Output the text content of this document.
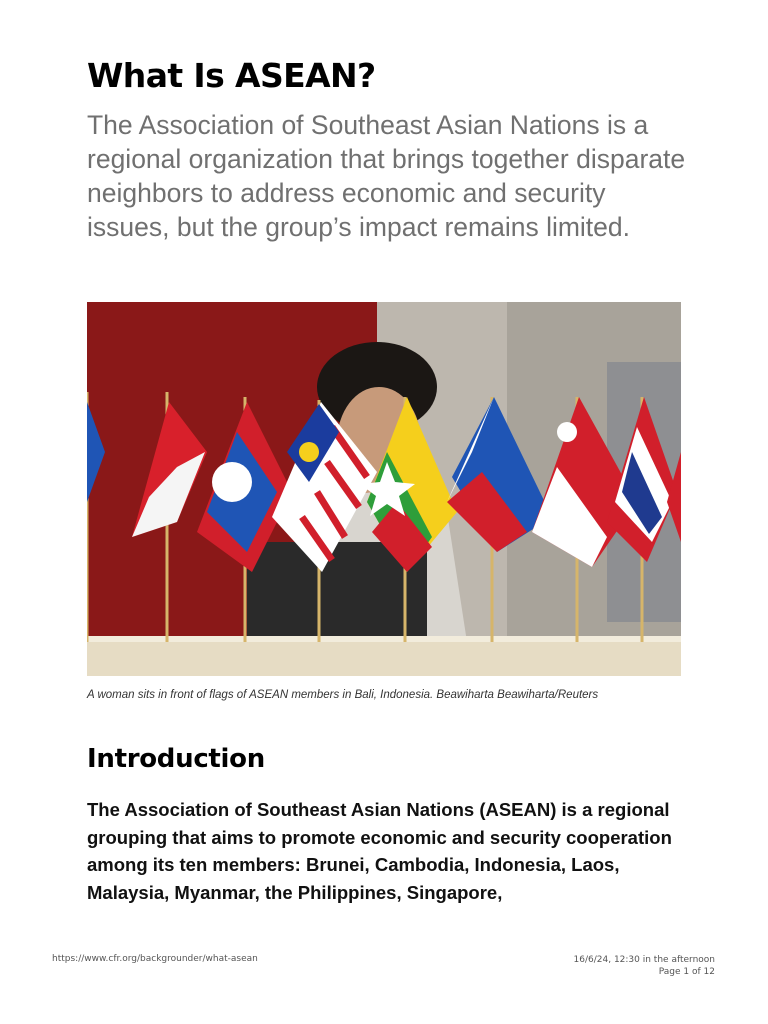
What Is ASEAN?

The Association of Southeast Asian Nations is a regional organization that brings together disparate neighbors to address economic and security issues, but the group’s impact remains limited.

A woman sits in front of flags of ASEAN members in Bali, Indonesia. Beawiharta Beawiharta/Reuters

Introduction

The Association of Southeast Asian Nations (ASEAN) is a regional grouping that aims to promote economic and security cooperation among its ten members: Brunei, Cambodia, Indonesia, Laos, Malaysia, Myanmar, the Philippines, Singapore,

https://www.cfr.org/backgrounder/what-asean	16/6/24, 12:30 in the afternoon
Page 1 of 12
